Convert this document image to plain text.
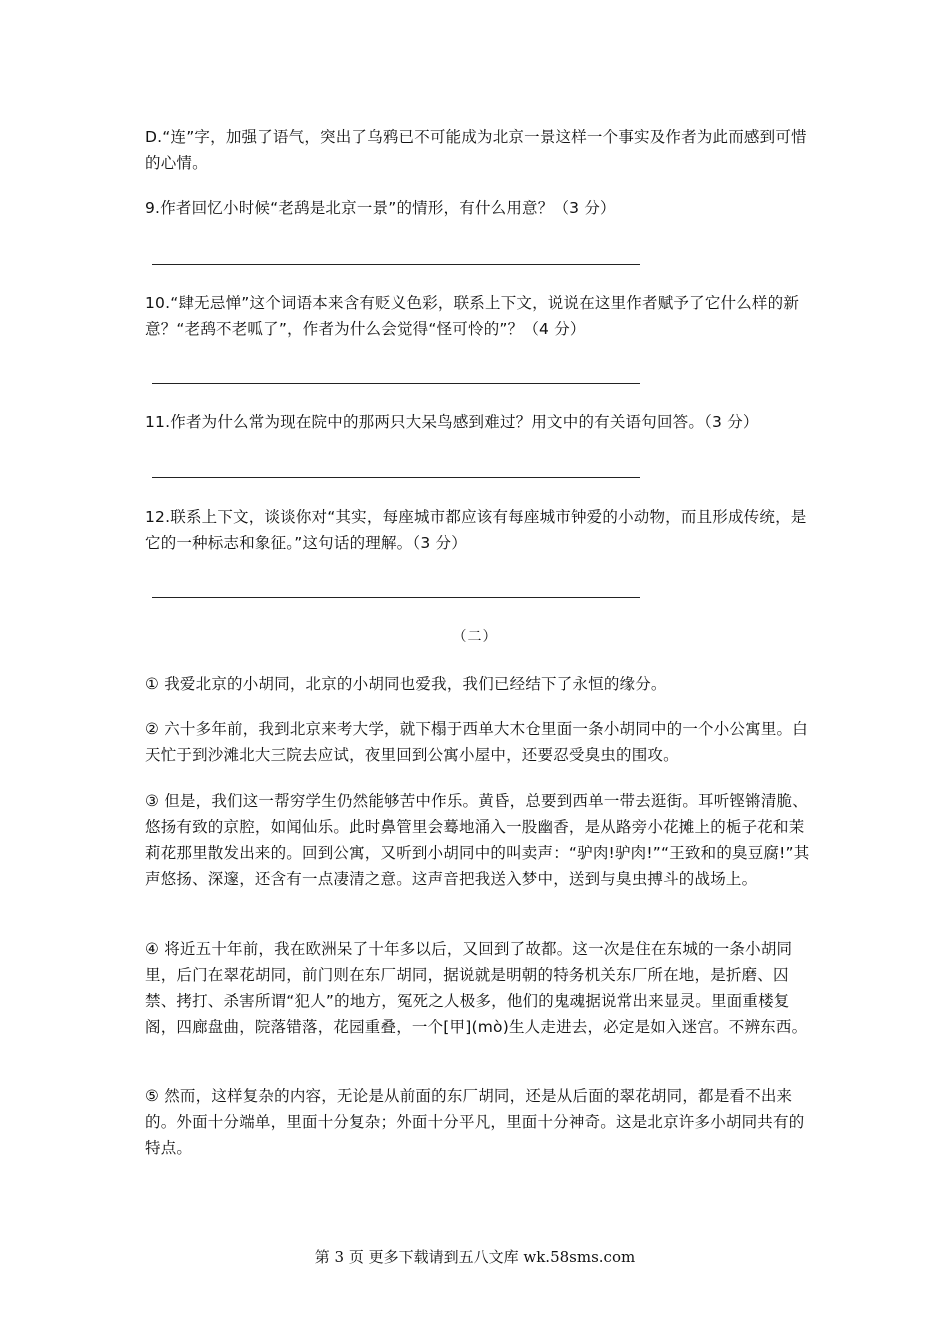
D.“连”字，加强了语气，突出了乌鸦已不可能成为北京一景这样一个事实及作者为此而感到可惜的心情。

9.作者回忆小时候“老鸹是北京一景”的情形，有什么用意？（3 分）

10.“肆无忌惮”这个词语本来含有贬义色彩，联系上下文，说说在这里作者赋予了它什么样的新意？“老鸹不老呱了”，作者为什么会觉得“怪可怜的”？（4 分）

11.作者为什么常为现在院中的那两只大呆鸟感到难过？用文中的有关语句回答。（3 分）

12.联系上下文，谈谈你对“其实，每座城市都应该有每座城市钟爱的小动物，而且形成传统，是它的一种标志和象征。”这句话的理解。（3 分）

（二）

① 我爱北京的小胡同，北京的小胡同也爱我，我们已经结下了永恒的缘分。

② 六十多年前，我到北京来考大学，就下榻于西单大木仓里面一条小胡同中的一个小公寓里。白天忙于到沙滩北大三院去应试，夜里回到公寓小屋中，还要忍受臭虫的围攻。

③ 但是，我们这一帮穷学生仍然能够苦中作乐。黄昏，总要到西单一带去逛街。耳听铿锵清脆、悠扬有致的京腔，如闻仙乐。此时鼻管里会蓦地涌入一股幽香，是从路旁小花摊上的栀子花和茉莉花那里散发出来的。回到公寓，又听到小胡同中的叫卖声：“驴肉!驴肉!”“王致和的臭豆腐!”其声悠扬、深邃，还含有一点凄清之意。这声音把我送入梦中，送到与臭虫搏斗的战场上。

④ 将近五十年前，我在欧洲呆了十年多以后，又回到了故都。这一次是住在东城的一条小胡同里，后门在翠花胡同，前门则在东厂胡同，据说就是明朝的特务机关东厂所在地，是折磨、囚禁、拷打、杀害所谓“犯人”的地方，冤死之人极多，他们的鬼魂据说常出来显灵。里面重楼复阁，四廊盘曲，院落错落，花园重叠，一个[甲](mò)生人走进去，必定是如入迷宫。不辨东西。

⑤ 然而，这样复杂的内容，无论是从前面的东厂胡同，还是从后面的翠花胡同，都是看不出来的。外面十分端单，里面十分复杂；外面十分平凡，里面十分神奇。这是北京许多小胡同共有的特点。

第 3 页 更多下载请到五八文库 wk.58sms.com
